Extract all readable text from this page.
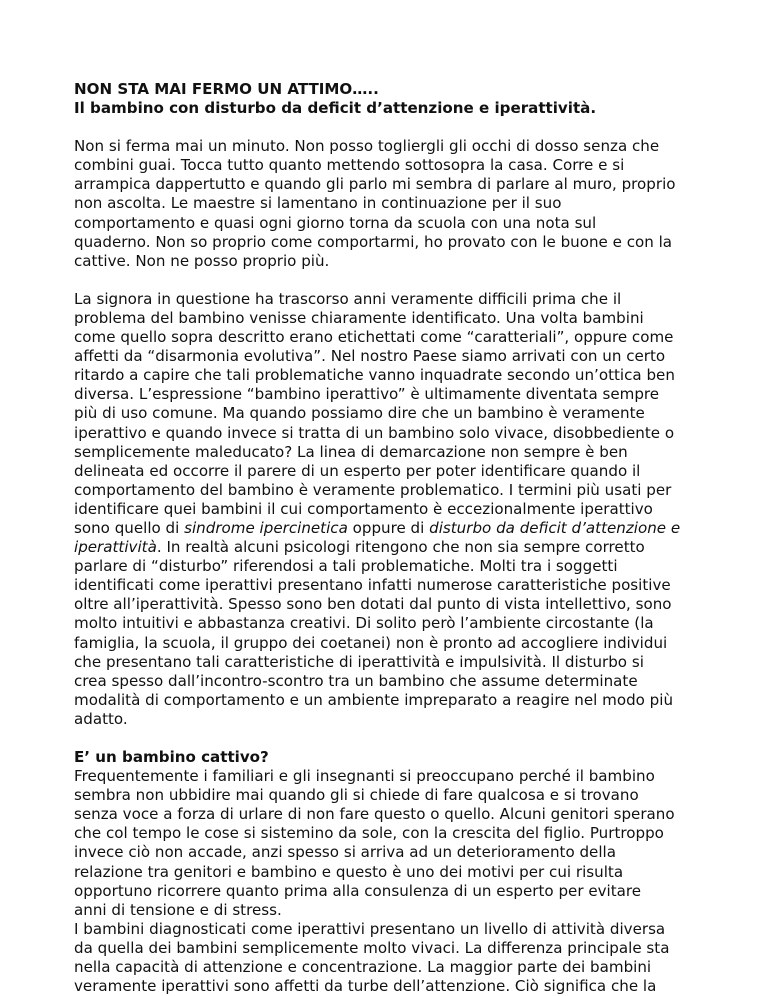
NON STA MAI FERMO UN ATTIMO…..
Il bambino con disturbo da deficit d’attenzione e iperattività.
Non si ferma mai un minuto. Non posso togliergli gli occhi di dosso senza che
combini guai. Tocca tutto quanto mettendo sottosopra la casa. Corre e si
arrampica dappertutto e quando gli parlo mi sembra di parlare al muro, proprio
non ascolta. Le maestre si lamentano in continuazione per il suo
comportamento e quasi ogni giorno torna da scuola con una nota sul
quaderno. Non so proprio come comportarmi, ho provato con le buone e con la
cattive. Non ne posso proprio più.
La signora in questione ha trascorso anni veramente difficili prima che il
problema del bambino venisse chiaramente identificato. Una volta bambini
come quello sopra descritto erano etichettati come “caratteriali”, oppure come
affetti da “disarmonia evolutiva”. Nel nostro Paese siamo arrivati con un certo
ritardo a capire che tali problematiche vanno inquadrate secondo un’ottica ben
diversa. L’espressione “bambino iperattivo” è ultimamente diventata sempre
più di uso comune. Ma quando possiamo dire che un bambino è veramente
iperattivo e quando invece si tratta di un bambino solo vivace, disobbediente o
semplicemente maleducato? La linea di demarcazione non sempre è ben
delineata ed occorre il parere di un esperto per poter identificare quando il
comportamento del bambino è veramente problematico. I termini più usati per
identificare quei bambini il cui comportamento è eccezionalmente iperattivo
sono quello di sindrome ipercinetica oppure di disturbo da deficit d’attenzione e
iperattività. In realtà alcuni psicologi ritengono che non sia sempre corretto
parlare di “disturbo” riferendosi a tali problematiche. Molti tra i soggetti
identificati come iperattivi presentano infatti numerose caratteristiche positive
oltre all’iperattività. Spesso sono ben dotati dal punto di vista intellettivo, sono
molto intuitivi e abbastanza creativi. Di solito però l’ambiente circostante (la
famiglia, la scuola, il gruppo dei coetanei) non è pronto ad accogliere individui
che presentano tali caratteristiche di iperattività e impulsività. Il disturbo si
crea spesso dall’incontro-scontro tra un bambino che assume determinate
modalità di comportamento e un ambiente impreparato a reagire nel modo più
adatto.
E’ un bambino cattivo?
Frequentemente i familiari e gli insegnanti si preoccupano perché il bambino
sembra non ubbidire mai quando gli si chiede di fare qualcosa e si trovano
senza voce a forza di urlare di non fare questo o quello. Alcuni genitori sperano
che col tempo le cose si sistemino da sole, con la crescita del figlio. Purtroppo
invece ciò non accade, anzi spesso si arriva ad un deterioramento della
relazione tra genitori e bambino e questo è uno dei motivi per cui risulta
opportuno ricorrere quanto prima alla consulenza di un esperto per evitare
anni di tensione e di stress.
I bambini diagnosticati come iperattivi presentano un livello di attività diversa
da quella dei bambini semplicemente molto vivaci. La differenza principale sta
nella capacità di attenzione e concentrazione. La maggior parte dei bambini
veramente iperattivi sono affetti da turbe dell’attenzione. Ciò significa che la
